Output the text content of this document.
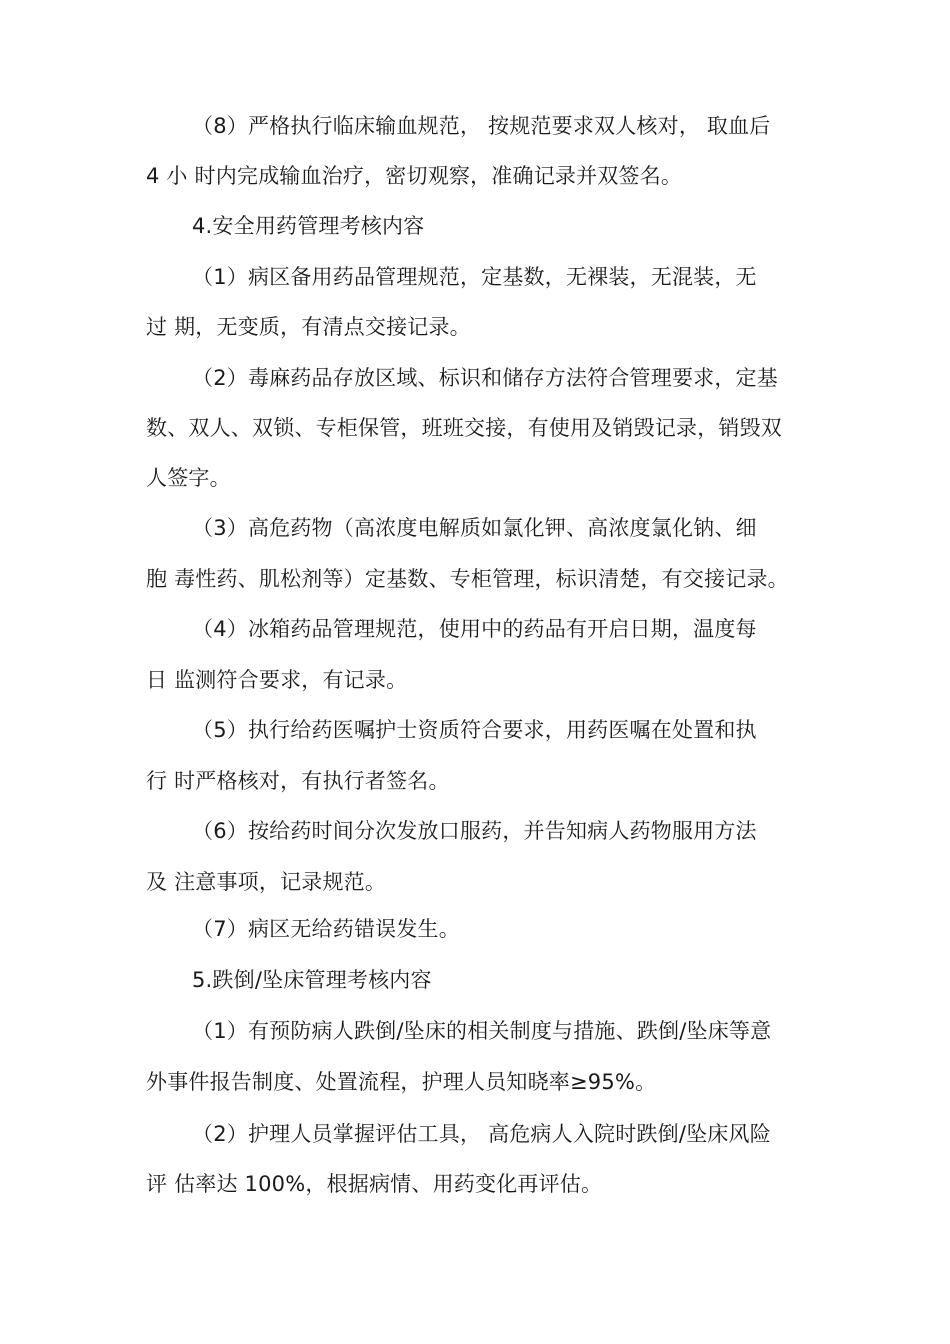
（8）严格执行临床输血规范， 按规范要求双人核对， 取血后
4 小 时内完成输血治疗，密切观察，准确记录并双签名。
4.安全用药管理考核内容
（1）病区备用药品管理规范，定基数，无裸装，无混装，无
过 期，无变质，有清点交接记录。
（2）毒麻药品存放区域、标识和储存方法符合管理要求，定基
数、双人、双锁、专柜保管，班班交接，有使用及销毁记录，销毁双
人签字。
（3）高危药物（高浓度电解质如氯化钾、高浓度氯化钠、细
胞 毒性药、肌松剂等）定基数、专柜管理，标识清楚，有交接记录。
（4）冰箱药品管理规范，使用中的药品有开启日期，温度每
日 监测符合要求，有记录。
（5）执行给药医嘱护士资质符合要求，用药医嘱在处置和执
行 时严格核对，有执行者签名。
（6）按给药时间分次发放口服药，并告知病人药物服用方法
及 注意事项，记录规范。
（7）病区无给药错误发生。
5.跌倒/坠床管理考核内容
（1）有预防病人跌倒/坠床的相关制度与措施、跌倒/坠床等意
外事件报告制度、处置流程，护理人员知晓率≥95%。
（2）护理人员掌握评估工具， 高危病人入院时跌倒/坠床风险
评 估率达 100%，根据病情、用药变化再评估。
